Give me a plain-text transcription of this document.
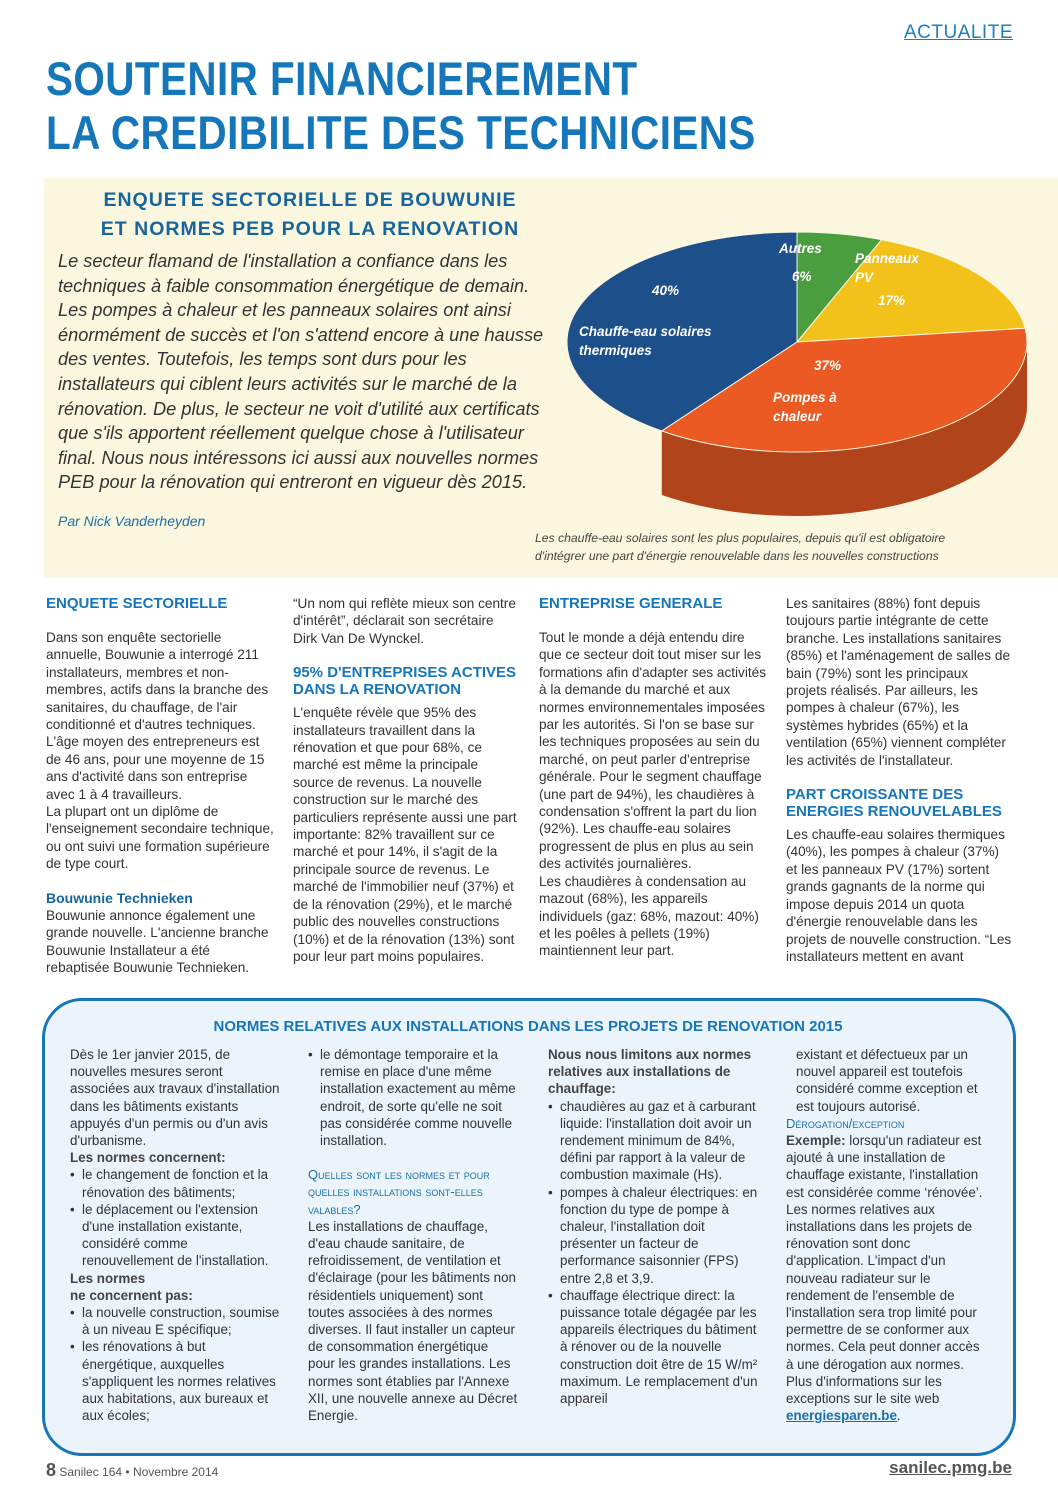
ACTUALITE
SOUTENIR FINANCIEREMENT
LA CREDIBILITE DES TECHNICIENS
ENQUETE SECTORIELLE DE BOUWUNIE
ET NORMES PEB POUR LA RENOVATION
Le secteur flamand de l'installation a confiance dans les techniques à faible consommation énergétique de demain. Les pompes à chaleur et les panneaux solaires ont ainsi énormément de succès et l'on s'attend encore à une hausse des ventes. Toutefois, les temps sont durs pour les installateurs qui ciblent leurs activités sur le marché de la rénovation. De plus, le secteur ne voit d'utilité aux certificats que s'ils apportent réellement quelque chose à l'utilisateur final. Nous nous intéressons ici aussi aux nouvelles normes PEB pour la rénovation qui entreront en vigueur dès 2015.
Par Nick Vanderheyden
40%
Chauffe-eau solaires
thermiques
Autres
6%
Panneaux
PV
17%
37%
Pompes à
chaleur
Les chauffe-eau solaires sont les plus populaires, depuis qu'il est obligatoire
d'intégrer une part d'énergie renouvelable dans les nouvelles constructions
ENQUETE SECTORIELLE

Dans son enquête sectorielle annuelle, Bouwunie a interrogé 211 installateurs, membres et non-membres, actifs dans la branche des sanitaires, du chauffage, de l'air conditionné et d'autres techniques. L'âge moyen des entrepreneurs est de 46 ans, pour une moyenne de 15 ans d'activité dans son entreprise avec 1 à 4 travailleurs.

La plupart ont un diplôme de l'enseignement secondaire technique, ou ont suivi une formation supérieure de type court.

Bouwunie Technieken

Bouwunie annonce également une grande nouvelle. L'ancienne branche Bouwunie Installateur a été rebaptisée Bouwunie Technieken.

“Un nom qui reflète mieux son centre d'intérêt”, déclarait son secrétaire Dirk Van De Wynckel.

95% D'ENTREPRISES ACTIVES DANS LA RENOVATION

L'enquête révèle que 95% des installateurs travaillent dans la rénovation et que pour 68%, ce marché est même la principale source de revenus. La nouvelle construction sur le marché des particuliers représente aussi une part importante: 82% travaillent sur ce marché et pour 14%, il s'agit de la principale source de revenus. Le marché de l'immobilier neuf (37%) et de la rénovation (29%), et le marché public des nouvelles constructions (10%) et de la rénovation (13%) sont pour leur part moins populaires.

ENTREPRISE GENERALE

Tout le monde a déjà entendu dire que ce secteur doit tout miser sur les formations afin d'adapter ses activités à la demande du marché et aux normes environnementales imposées par les autorités. Si l'on se base sur les techniques proposées au sein du marché, on peut parler d'entreprise générale. Pour le segment chauffage (une part de 94%), les chaudières à condensation s'offrent la part du lion (92%). Les chauffe-eau solaires progressent de plus en plus au sein des activités journalières.

Les chaudières à condensation au mazout (68%), les appareils individuels (gaz: 68%, mazout: 40%) et les poêles à pellets (19%) maintiennent leur part.

Les sanitaires (88%) font depuis toujours partie intégrante de cette branche. Les installations sanitaires (85%) et l'aménagement de salles de bain (79%) sont les principaux projets réalisés. Par ailleurs, les pompes à chaleur (67%), les systèmes hybrides (65%) et la ventilation (65%) viennent compléter les activités de l'installateur.

PART CROISSANTE DES ENERGIES RENOUVELABLES

Les chauffe-eau solaires thermiques (40%), les pompes à chaleur (37%) et les panneaux PV (17%) sortent grands gagnants de la norme qui impose depuis 2014 un quota d'énergie renouvelable dans les projets de nouvelle construction. “Les installateurs mettent en avant

NORMES RELATIVES AUX INSTALLATIONS DANS LES PROJETS DE RENOVATION 2015

Dès le 1er janvier 2015, de nouvelles mesures seront associées aux travaux d'installation dans les bâtiments existants appuyés d'un permis ou d'un avis d'urbanisme.

Les normes concernent:

• le changement de fonction et la rénovation des bâtiments;
• le déplacement ou l'extension d'une installation existante, considéré comme renouvellement de l'installation.

Les normes

ne concernent pas:

• la nouvelle construction, soumise à un niveau E spécifique;
• les rénovations à but énergétique, auxquelles s'appliquent les normes relatives aux habitations, aux bureaux et aux écoles;
• le démontage temporaire et la remise en place d'une même installation exactement au même endroit, de sorte qu'elle ne soit pas considérée comme nouvelle installation.

Quelles sont les normes et pour quelles installations sont-elles valables?

Les installations de chauffage, d'eau chaude sanitaire, de refroidissement, de ventilation et d'éclairage (pour les bâtiments non résidentiels uniquement) sont toutes associées à des normes diverses. Il faut installer un capteur de consommation énergétique pour les grandes installations. Les normes sont établies par l'Annexe XII, une nouvelle annexe au Décret Energie.

Nous nous limitons aux normes relatives aux installations de chauffage:

• chaudières au gaz et à carburant liquide: l'installation doit avoir un rendement minimum de 84%, défini par rapport à la valeur de combustion maximale (Hs).
• pompes à chaleur électriques: en fonction du type de pompe à chaleur, l'installation doit présenter un facteur de performance saisonnier (FPS) entre 2,8 et 3,9.
• chauffage électrique direct: la puissance totale dégagée par les appareils électriques du bâtiment à rénover ou de la nouvelle construction doit être de 15 W/m² maximum. Le remplacement d'un appareil

existant et défectueux par un nouvel appareil est toutefois considéré comme exception et est toujours autorisé.

Dérogation/exception

Exemple: lorsqu'un radiateur est ajouté à une installation de chauffage existante, l'installation est considérée comme ‘rénovée’. Les normes relatives aux installations dans les projets de rénovation sont donc d'application. L'impact d'un nouveau radiateur sur le rendement de l'ensemble de l'installation sera trop limité pour permettre de se conformer aux normes. Cela peut donner accès à une dérogation aux normes. Plus d'informations sur les exceptions sur le site web energiesparen.be.

8 Sanilec 164 • Novembre 2014	sanilec.pmg.be
